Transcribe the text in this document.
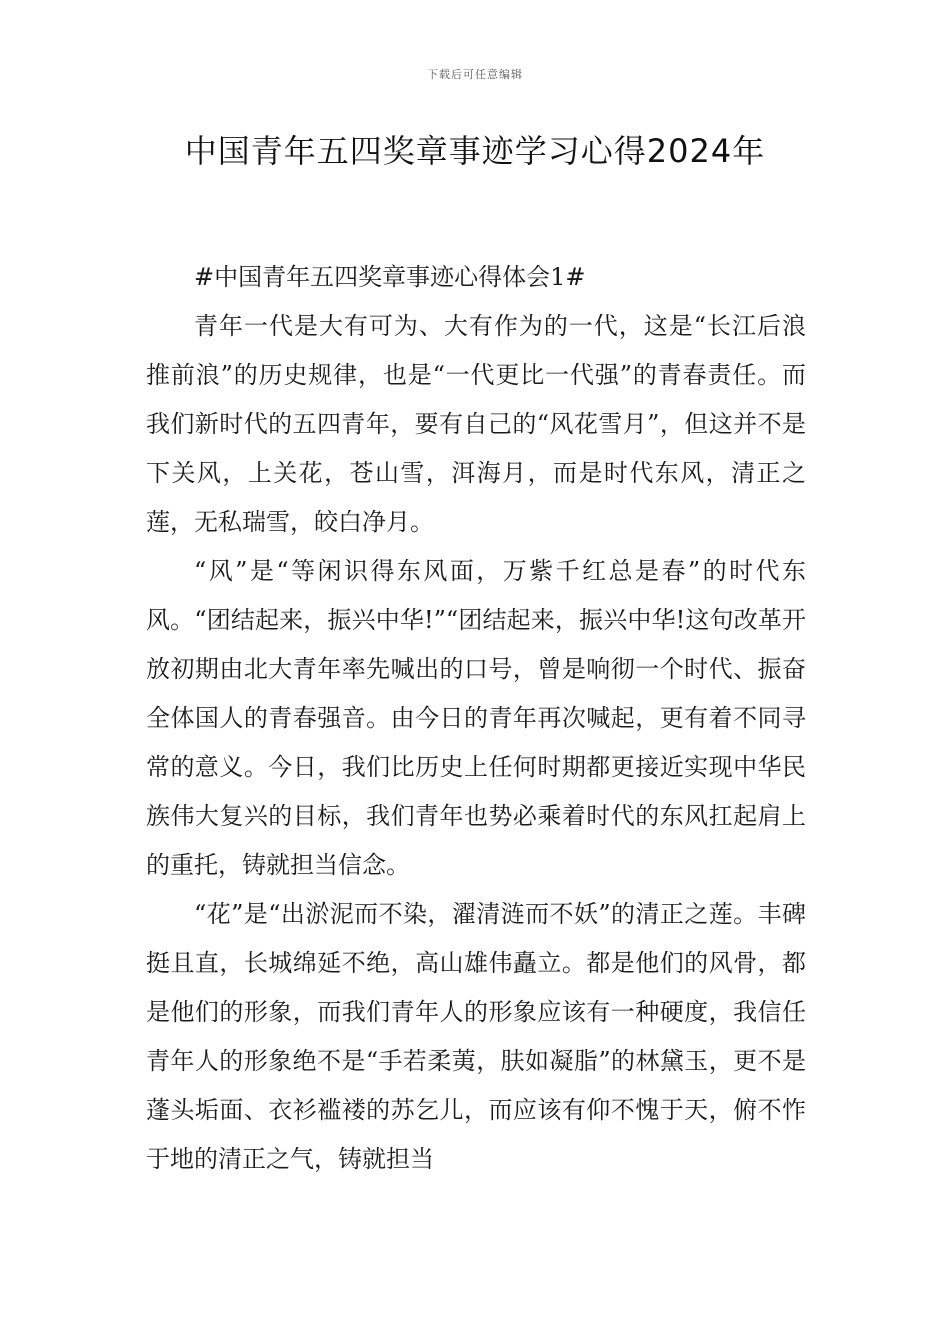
下载后可任意编辑
中国青年五四奖章事迹学习心得2024年

#中国青年五四奖章事迹心得体会1#

青年一代是大有可为、大有作为的一代，这是“长江后浪推前浪”的历史规律，也是“一代更比一代强”的青春责任。而我们新时代的五四青年，要有自己的“风花雪月”，但这并不是下关风，上关花，苍山雪，洱海月，而是时代东风，清正之莲，无私瑞雪，皎白净月。

“风”是“等闲识得东风面，万紫千红总是春”的时代东风。“团结起来，振兴中华!”“团结起来，振兴中华!这句改革开放初期由北大青年率先喊出的口号，曾是响彻一个时代、振奋全体国人的青春强音。由今日的青年再次喊起，更有着不同寻常的意义。今日，我们比历史上任何时期都更接近实现中华民族伟大复兴的目标，我们青年也势必乘着时代的东风扛起肩上的重托，铸就担当信念。

“花”是“出淤泥而不染，濯清涟而不妖”的清正之莲。丰碑挺且直，长城绵延不绝，高山雄伟矗立。都是他们的风骨，都是他们的形象，而我们青年人的形象应该有一种硬度，我信任青年人的形象绝不是“手若柔荑，肤如凝脂”的林黛玉，更不是蓬头垢面、衣衫褴褛的苏乞儿，而应该有仰不愧于天，俯不怍于地的清正之气，铸就担当
